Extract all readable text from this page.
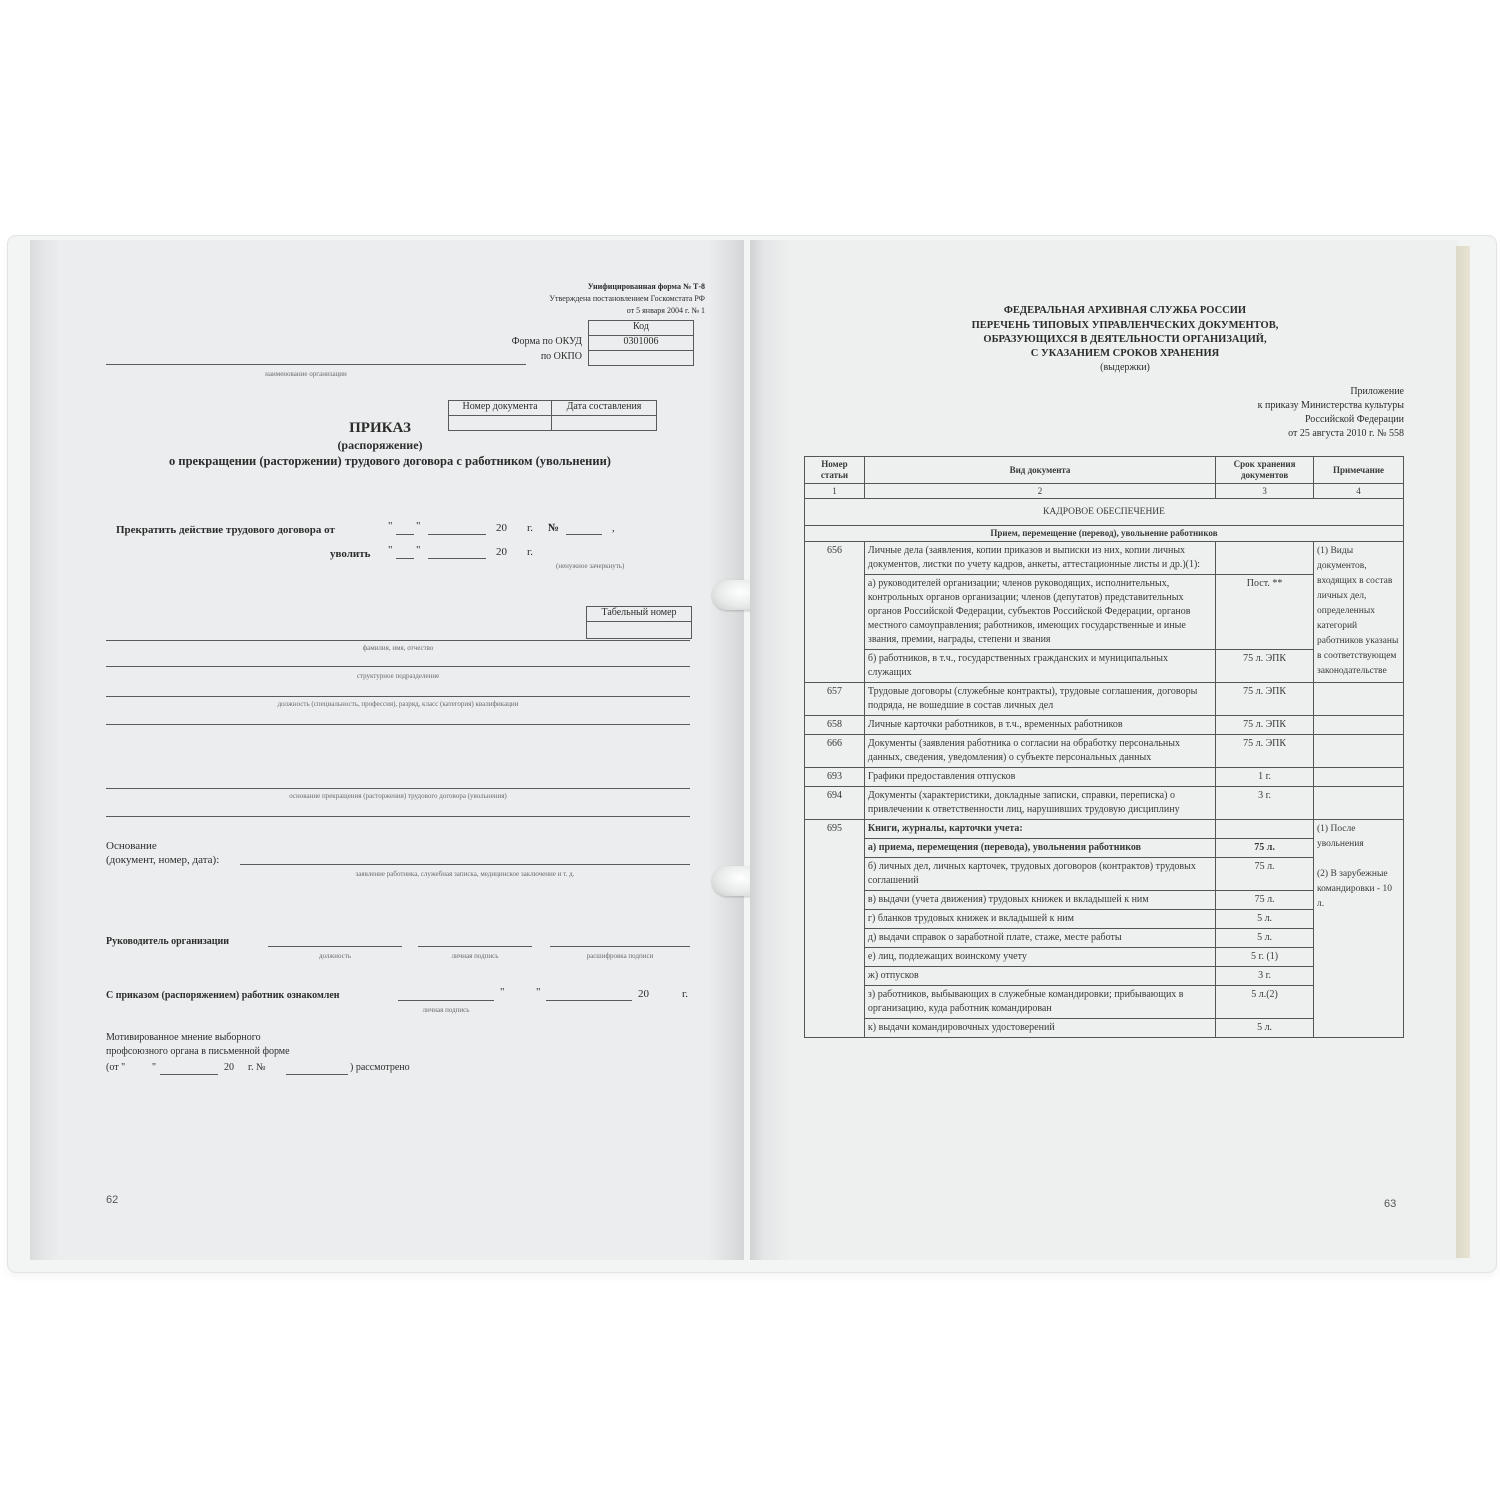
Унифицированная форма № Т-8
Утверждена постановлением Госкомстата РФ
от 5 января 2004 г. № 1
Код
Форма по ОКУД	0301006
по ОКПО
наименование организации
Номер документа	Дата составления
ПРИКАЗ
(распоряжение)
о прекращении (расторжении) трудового договора с работником (увольнении)
Прекратить действие трудового договора от	" "	20 г. №	,
уволить " "	20 г.
(ненужное зачеркнуть)
Табельный номер
фамилия, имя, отчество
структурное подразделение
должность (специальность, профессия), разряд, класс (категория) квалификации
основание прекращения (расторжения) трудового договора (увольнения)
Основание
(документ, номер, дата):
заявление работника, служебная записка, медицинское заключение и т. д.
Руководитель организации
должность	личная подпись	расшифровка подписи
С приказом (распоряжением) работник ознакомлен	"	"	20	г.
личная подпись
Мотивированное мнение выборного
профсоюзного органа в письменной форме
(от "	"	20 г. №	) рассмотрено
62
ФЕДЕРАЛЬНАЯ АРХИВНАЯ СЛУЖБА РОССИИ
ПЕРЕЧЕНЬ ТИПОВЫХ УПРАВЛЕНЧЕСКИХ ДОКУМЕНТОВ,
ОБРАЗУЮЩИХСЯ В ДЕЯТЕЛЬНОСТИ ОРГАНИЗАЦИЙ,
С УКАЗАНИЕМ СРОКОВ ХРАНЕНИЯ
(выдержки)
Приложение
к приказу Министерства культуры
Российской Федерации
от 25 августа 2010 г. № 558
Номер статьи	Вид документа	Срок хранения документов	Примечание
1	2	3	4
КАДРОВОЕ ОБЕСПЕЧЕНИЕ			
Прием, перемещение (перевод), увольнение работников			
656	Личные дела (заявления, копии приказов и выписки из них, копии личных документов, листки по учету кадров, анкеты, аттестационные листы и др.)(1):		(1) Виды документов, входящих в состав личных дел, определенных категорий работников указаны в соответствующем законодательстве
	а) руководителей организации; членов руководящих, исполнительных, контрольных органов организации; членов (депутатов) представительных органов Российской Федерации, субъектов Российской Федерации, органов местного самоуправления; работников, имеющих государственные и иные звания, премии, награды, степени и звания	Пост. **	
	б) работников, в т.ч., государственных гражданских и муниципальных служащих	75 л. ЭПК	
657	Трудовые договоры (служебные контракты), трудовые соглашения, договоры подряда, не вошедшие в состав личных дел	75 л. ЭПК	
658	Личные карточки работников, в т.ч., временных работников	75 л. ЭПК	
666	Документы (заявления работника о согласии на обработку персональных данных, сведения, уведомления) о субъекте персональных данных	75 л. ЭПК	
693	Графики предоставления отпусков	1 г.	
694	Документы (характеристики, докладные записки, справки, переписка) о привлечении к ответственности лиц, нарушивших трудовую дисциплину	3 г.	
695	Книги, журналы, карточки учета:		(1) После увольнения

(2) В зарубежные командировки - 10 л.
	а) приема, перемещения (перевода), увольнения работников	75 л.	
	б) личных дел, личных карточек, трудовых договоров (контрактов) трудовых соглашений	75 л.	
	в) выдачи (учета движения) трудовых книжек и вкладышей к ним	75 л.	
	г) бланков трудовых книжек и вкладышей к ним	5 л.	
	д) выдачи справок о заработной плате, стаже, месте работы	5 л.	
	е) лиц, подлежащих воинскому учету	5 г. (1)	
	ж) отпусков	3 г.	
	з) работников, выбывающих в служебные командировки; прибывающих в организацию, куда работник командирован	5 л.(2)	
	к) выдачи командировочных удостоверений	5 л.	
63
